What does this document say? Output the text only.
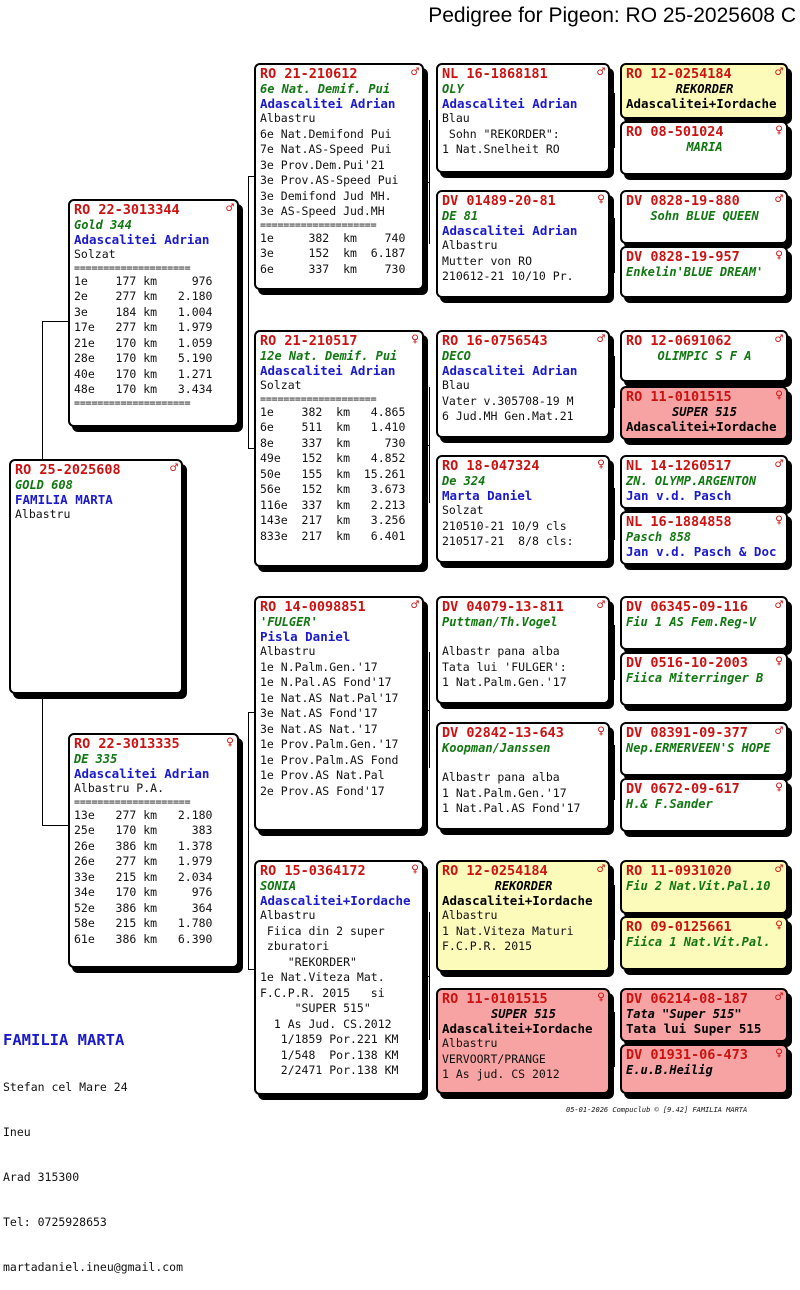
Pedigree for Pigeon: RO 25-2025608 C
RO 25-2025608	♂
GOLD 608
FAMILIA MARTA
Albastru
RO 22-3013344	♂
Gold 344
Adascalitei Adrian
Solzat
====================
1e    177 km     976
2e    277 km   2.180
3e    184 km   1.004
17e   277 km   1.979
21e   170 km   1.059
28e   170 km   5.190
40e   170 km   1.271
48e   170 km   3.434
====================
RO 22-3013335	♀
DE 335
Adascalitei Adrian
Albastru P.A.
====================
13e   277 km   2.180
25e   170 km     383
26e   386 km   1.378
26e   277 km   1.979
33e   215 km   2.034
34e   170 km     976
52e   386 km     364
58e   215 km   1.780
61e   386 km   6.390
RO 21-210612	♂
6e Nat. Demif. Pui
Adascalitei Adrian
Albastru
6e Nat.Demifond Pui
7e Nat.AS-Speed Pui
3e Prov.Dem.Pui'21
3e Prov.AS-Speed Pui
3e Demifond Jud MH.
3e AS-Speed Jud.MH
====================
1e     382  km    740
3e     152  km  6.187
6e     337  km    730
RO 21-210517	♀
12e Nat. Demif. Pui
Adascalitei Adrian
Solzat
====================
1e    382  km   4.865
6e    511  km   1.410
8e    337  km     730
49e   152  km   4.852
50e   155  km  15.261
56e   152  km   3.673
116e  337  km   2.213
143e  217  km   3.256
833e  217  km   6.401
RO 14-0098851	♂
'FULGER'
Pisla Daniel
Albastru
1e N.Palm.Gen.'17
1e N.Pal.AS Fond'17
1e Nat.AS Nat.Pal'17
3e Nat.AS Fond'17
3e Nat.AS Nat.'17
1e Prov.Palm.Gen.'17
1e Prov.Palm.AS Fond
1e Prov.AS Nat.Pal
2e Prov.AS Fond'17
RO 15-0364172	♀
SONIA
Adascalitei+Iordache
Albastru
Fiica din 2 super
zburatori
"REKORDER"
1e Nat.Viteza Mat.
F.C.P.R. 2015   si
"SUPER 515"
1 As Jud. CS.2012
1/1859 Por.221 KM
1/548  Por.138 KM
2/2471 Por.138 KM
NL 16-1868181	♂
OLY
Adascalitei Adrian
Blau
Sohn "REKORDER":
1 Nat.Snelheit RO
DV 01489-20-81	♀
DE 81
Adascalitei Adrian
Albastru
Mutter von RO
210612-21 10/10 Pr.
RO 16-0756543	♂
DECO
Adascalitei Adrian
Blau
Vater v.305708-19 M
6 Jud.MH Gen.Mat.21
RO 18-047324	♀
De 324
Marta Daniel
Solzat
210510-21 10/9 cls
210517-21  8/8 cls:
DV 04079-13-811	♂
Puttman/Th.Vogel
Albastr pana alba
Tata lui 'FULGER':
1 Nat.Palm.Gen.'17
DV 02842-13-643	♀
Koopman/Janssen
Albastr pana alba
1 Nat.Palm.Gen.'17
1 Nat.Pal.AS Fond'17
RO 12-0254184	♂
REKORDER
Adascalitei+Iordache
Albastru
1 Nat.Viteza Maturi
F.C.P.R. 2015
RO 11-0101515	♀
SUPER 515
Adascalitei+Iordache
Albastru
VERVOORT/PRANGE
1 As jud. CS 2012
RO 12-0254184	♂
REKORDER
Adascalitei+Iordache
RO 08-501024	♀
MARIA
DV 0828-19-880	♂
Sohn BLUE QUEEN
DV 0828-19-957	♀
Enkelin'BLUE DREAM'
RO 12-0691062	♂
OLIMPIC S F A
RO 11-0101515	♀
SUPER 515
Adascalitei+Iordache
NL 14-1260517	♂
ZN. OLYMP.ARGENTON
Jan v.d. Pasch
NL 16-1884858	♀
Pasch 858
Jan v.d. Pasch & Doc
DV 06345-09-116 ♂
Fiu 1 AS Fem.Reg-V
DV 0516-10-2003 ♀
Fiica Miterringer B
DV 08391-09-377 ♂
Nep.ERMERVEEN'S HOPE
DV 0672-09-617	♀
H.& F.Sander
RO 11-0931020	♂
Fiu 2 Nat.Vit.Pal.10
RO 09-0125661	♀
Fiica 1 Nat.Vit.Pal.
DV 06214-08-187 ♂
Tata "Super 515"
Tata lui Super 515
DV 01931-06-473 ♀
E.u.B.Heilig

FAMILIA MARTA

Stefan cel Mare 24

Ineu

Arad 315300

Tel: 0725928653

martadaniel.ineu@gmail.com

05-01-2026 Compuclub © [9.42] FAMILIA MARTA
